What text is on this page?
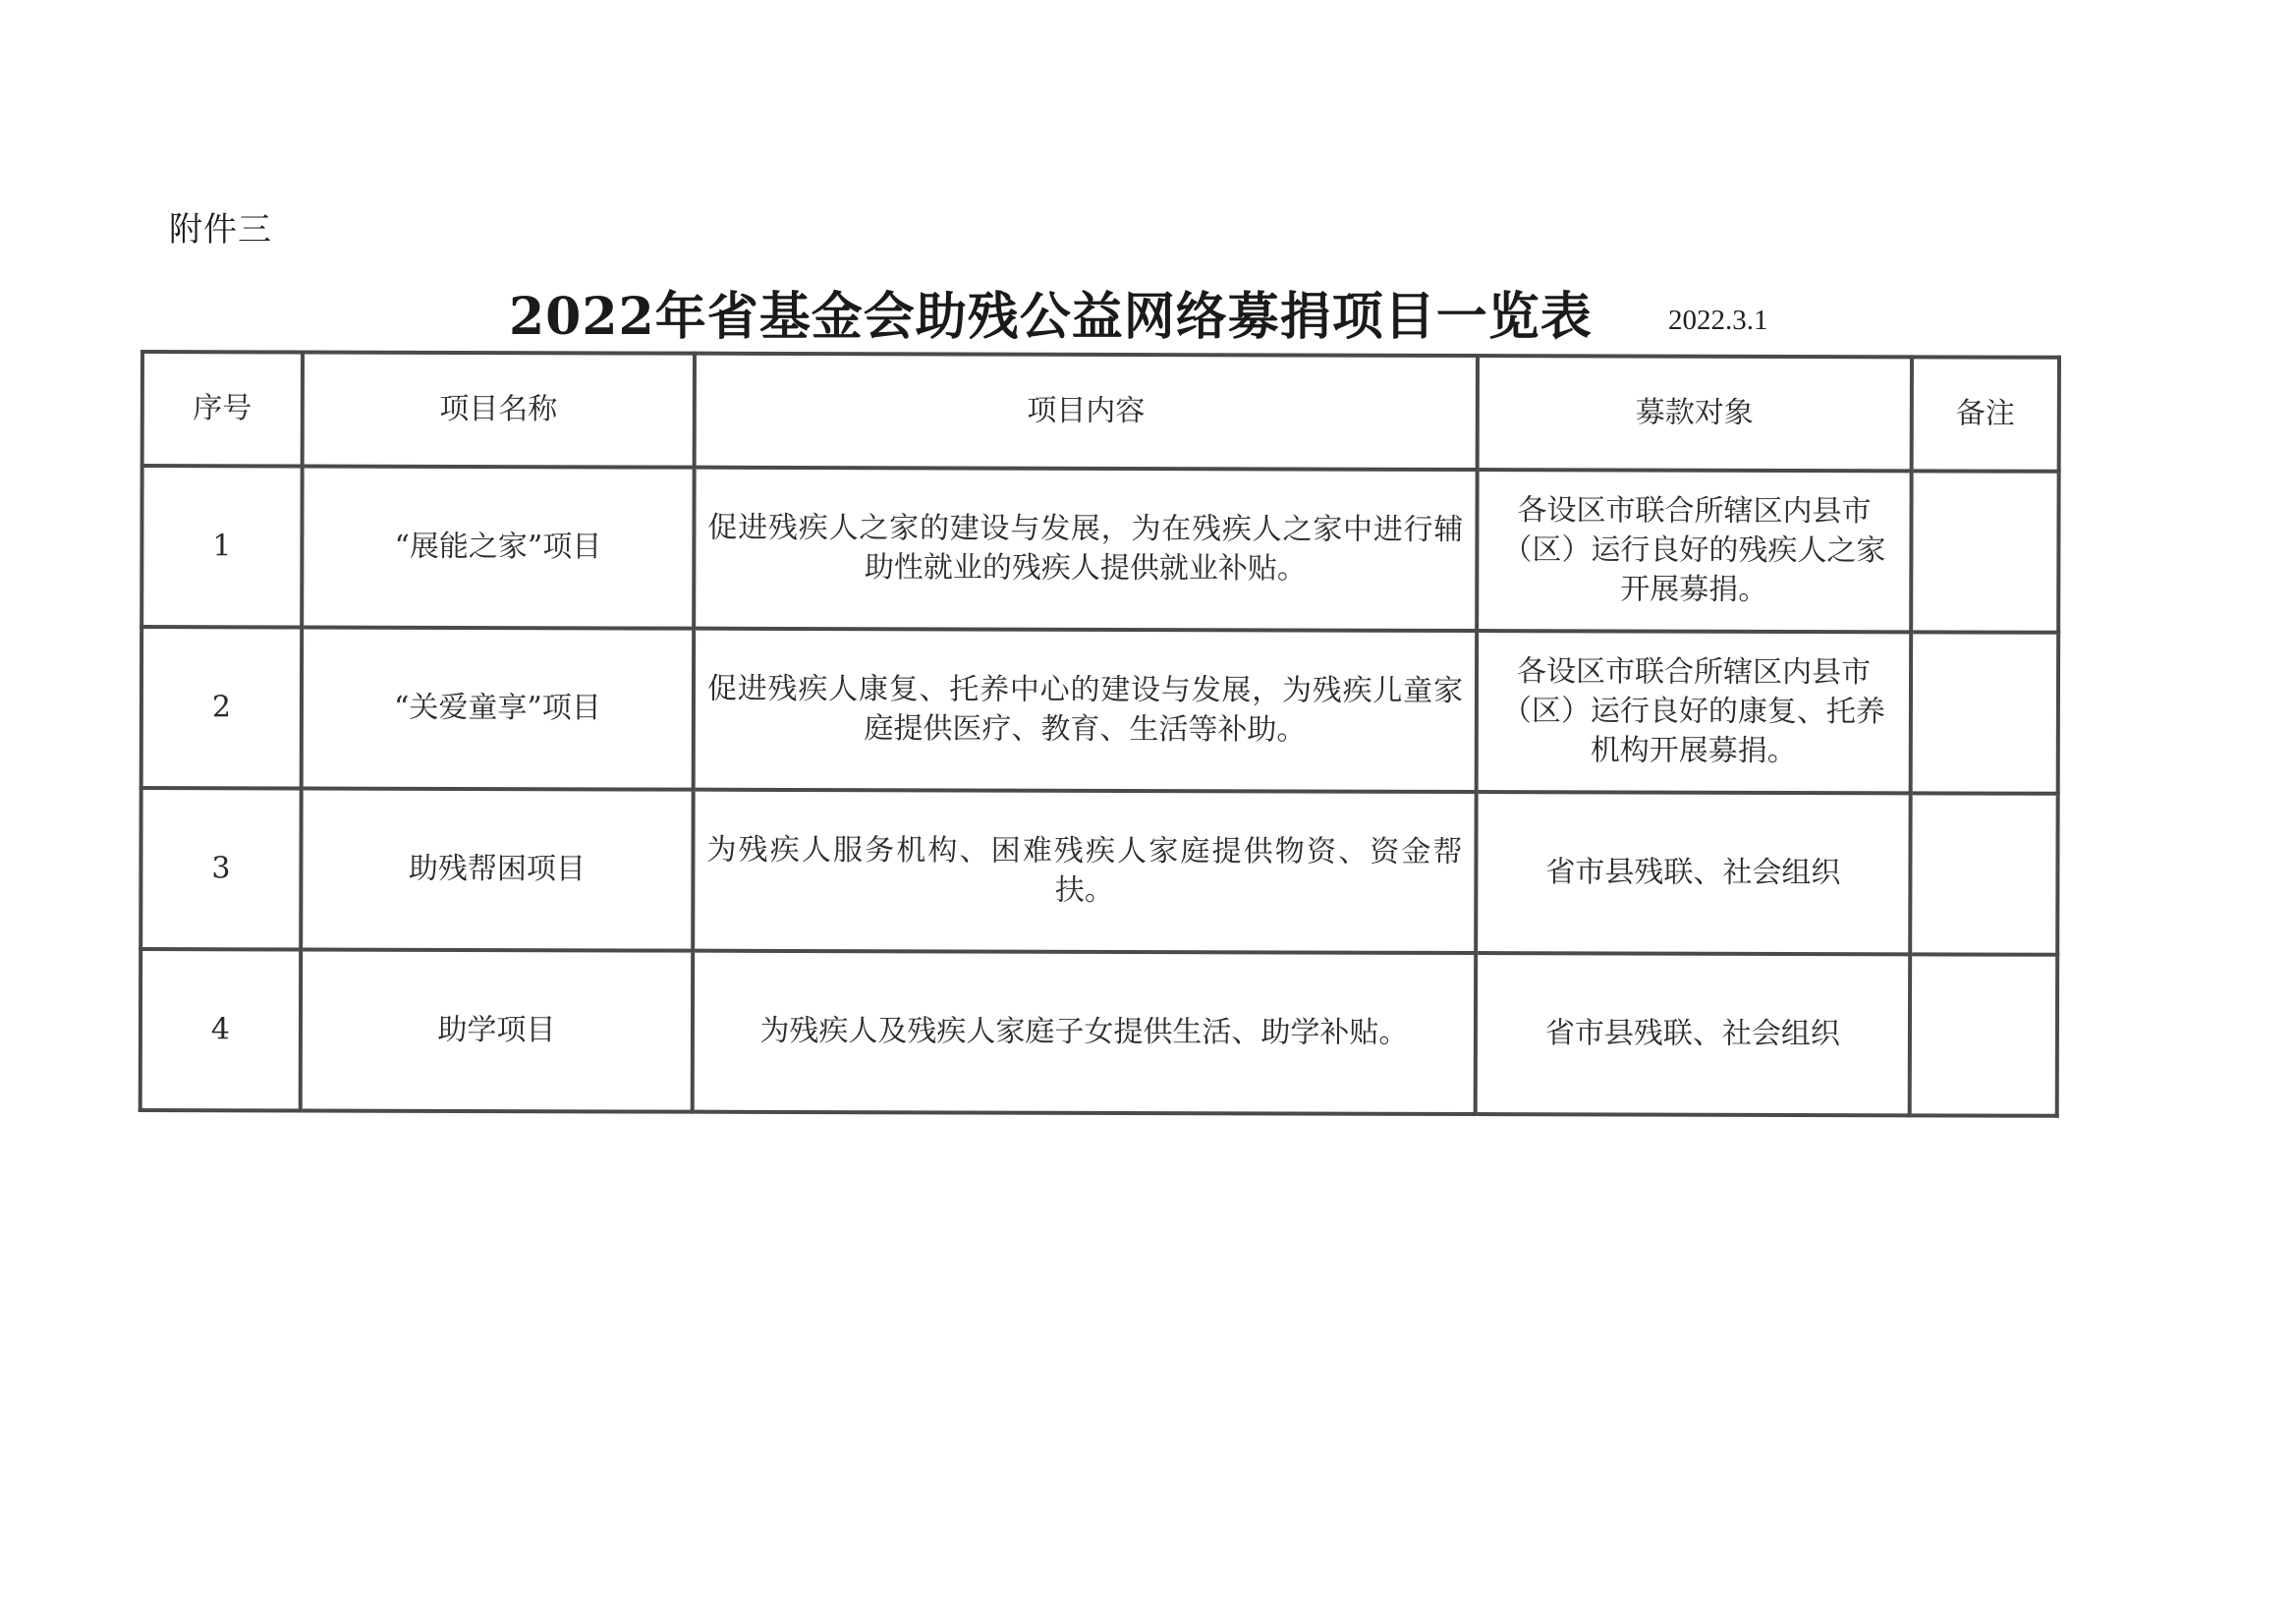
附件三
2022年省基金会助残公益网络募捐项目一览表	2022.3.1
序号	项目名称	项目内容	募款对象	备注
1	“展能之家”项目	促进残疾人之家的建设与发展，为在残疾人之家中进行辅助性就业的残疾人提供就业补贴。	各设区市联合所辖区内县市（区）运行良好的残疾人之家开展募捐。	
2	“关爱童享”项目	促进残疾人康复、托养中心的建设与发展，为残疾儿童家庭提供医疗、教育、生活等补助。	各设区市联合所辖区内县市（区）运行良好的康复、托养机构开展募捐。	
3	助残帮困项目	为残疾人服务机构、困难残疾人家庭提供物资、资金帮扶。	省市县残联、社会组织	
4	助学项目	为残疾人及残疾人家庭子女提供生活、助学补贴。	省市县残联、社会组织	
